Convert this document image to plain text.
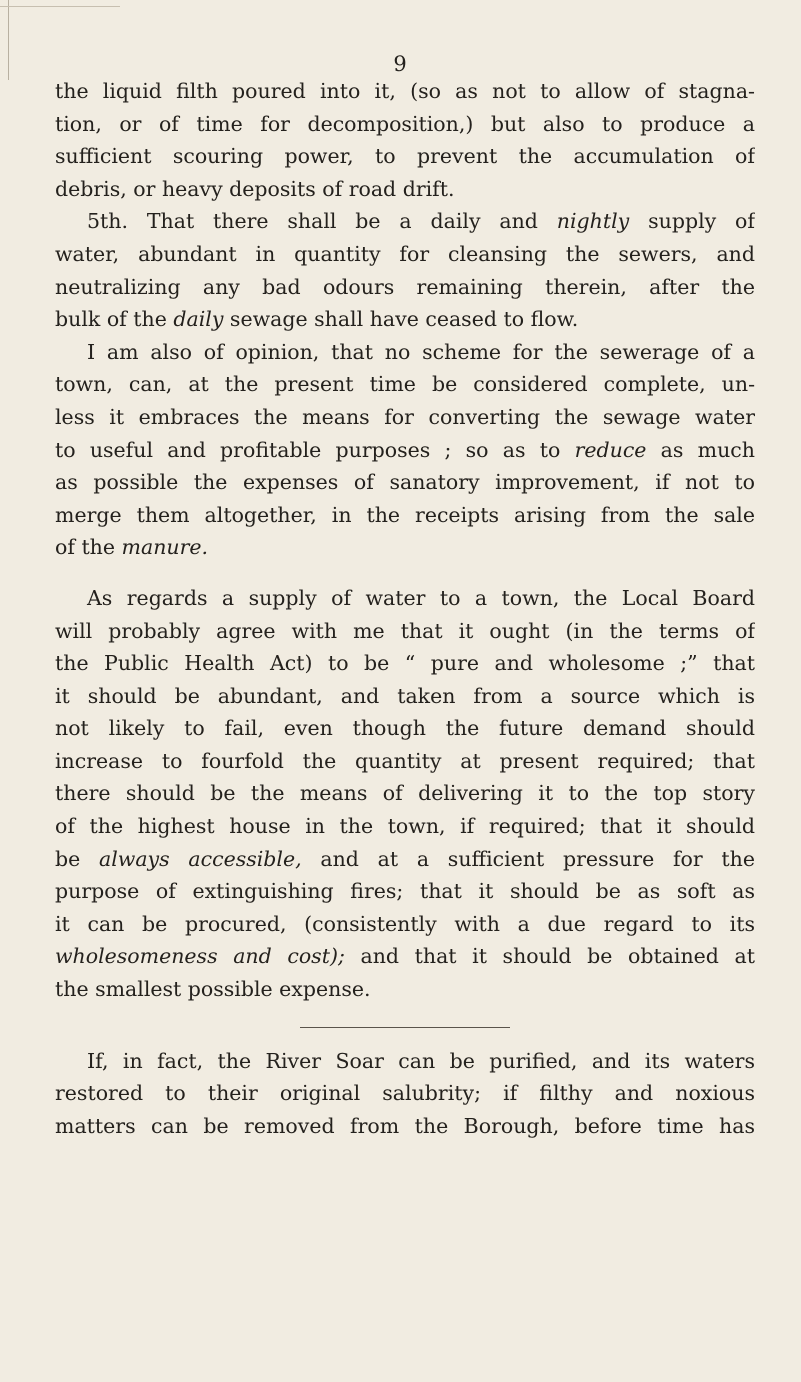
9

the liquid filth poured into it, (so as not to allow of stagna-
tion, or of time for decomposition,) but also to produce a
sufficient scouring power, to prevent the accumulation of
debris, or heavy deposits of road drift.

5th. That there shall be a daily and nightly supply of
water, abundant in quantity for cleansing the sewers, and
neutralizing any bad odours remaining therein, after the
bulk of the daily sewage shall have ceased to flow.

I am also of opinion, that no scheme for the sewerage of a
town, can, at the present time be considered complete, un-
less it embraces the means for converting the sewage water
to useful and profitable purposes ; so as to reduce as much
as possible the expenses of sanatory improvement, if not to
merge them altogether, in the receipts arising from the sale
of the manure.

As regards a supply of water to a town, the Local Board
will probably agree with me that it ought (in the terms of
the Public Health Act) to be “ pure and wholesome ;” that
it should be abundant, and taken from a source which is
not likely to fail, even though the future demand should
increase to fourfold the quantity at present required; that
there should be the means of delivering it to the top story
of the highest house in the town, if required; that it should
be always accessible, and at a sufficient pressure for the
purpose of extinguishing fires; that it should be as soft as
it can be procured, (consistently with a due regard to its
wholesomeness and cost); and that it should be obtained at
the smallest possible expense.

If, in fact, the River Soar can be purified, and its waters
restored to their original salubrity; if filthy and noxious
matters can be removed from the Borough, before time has
